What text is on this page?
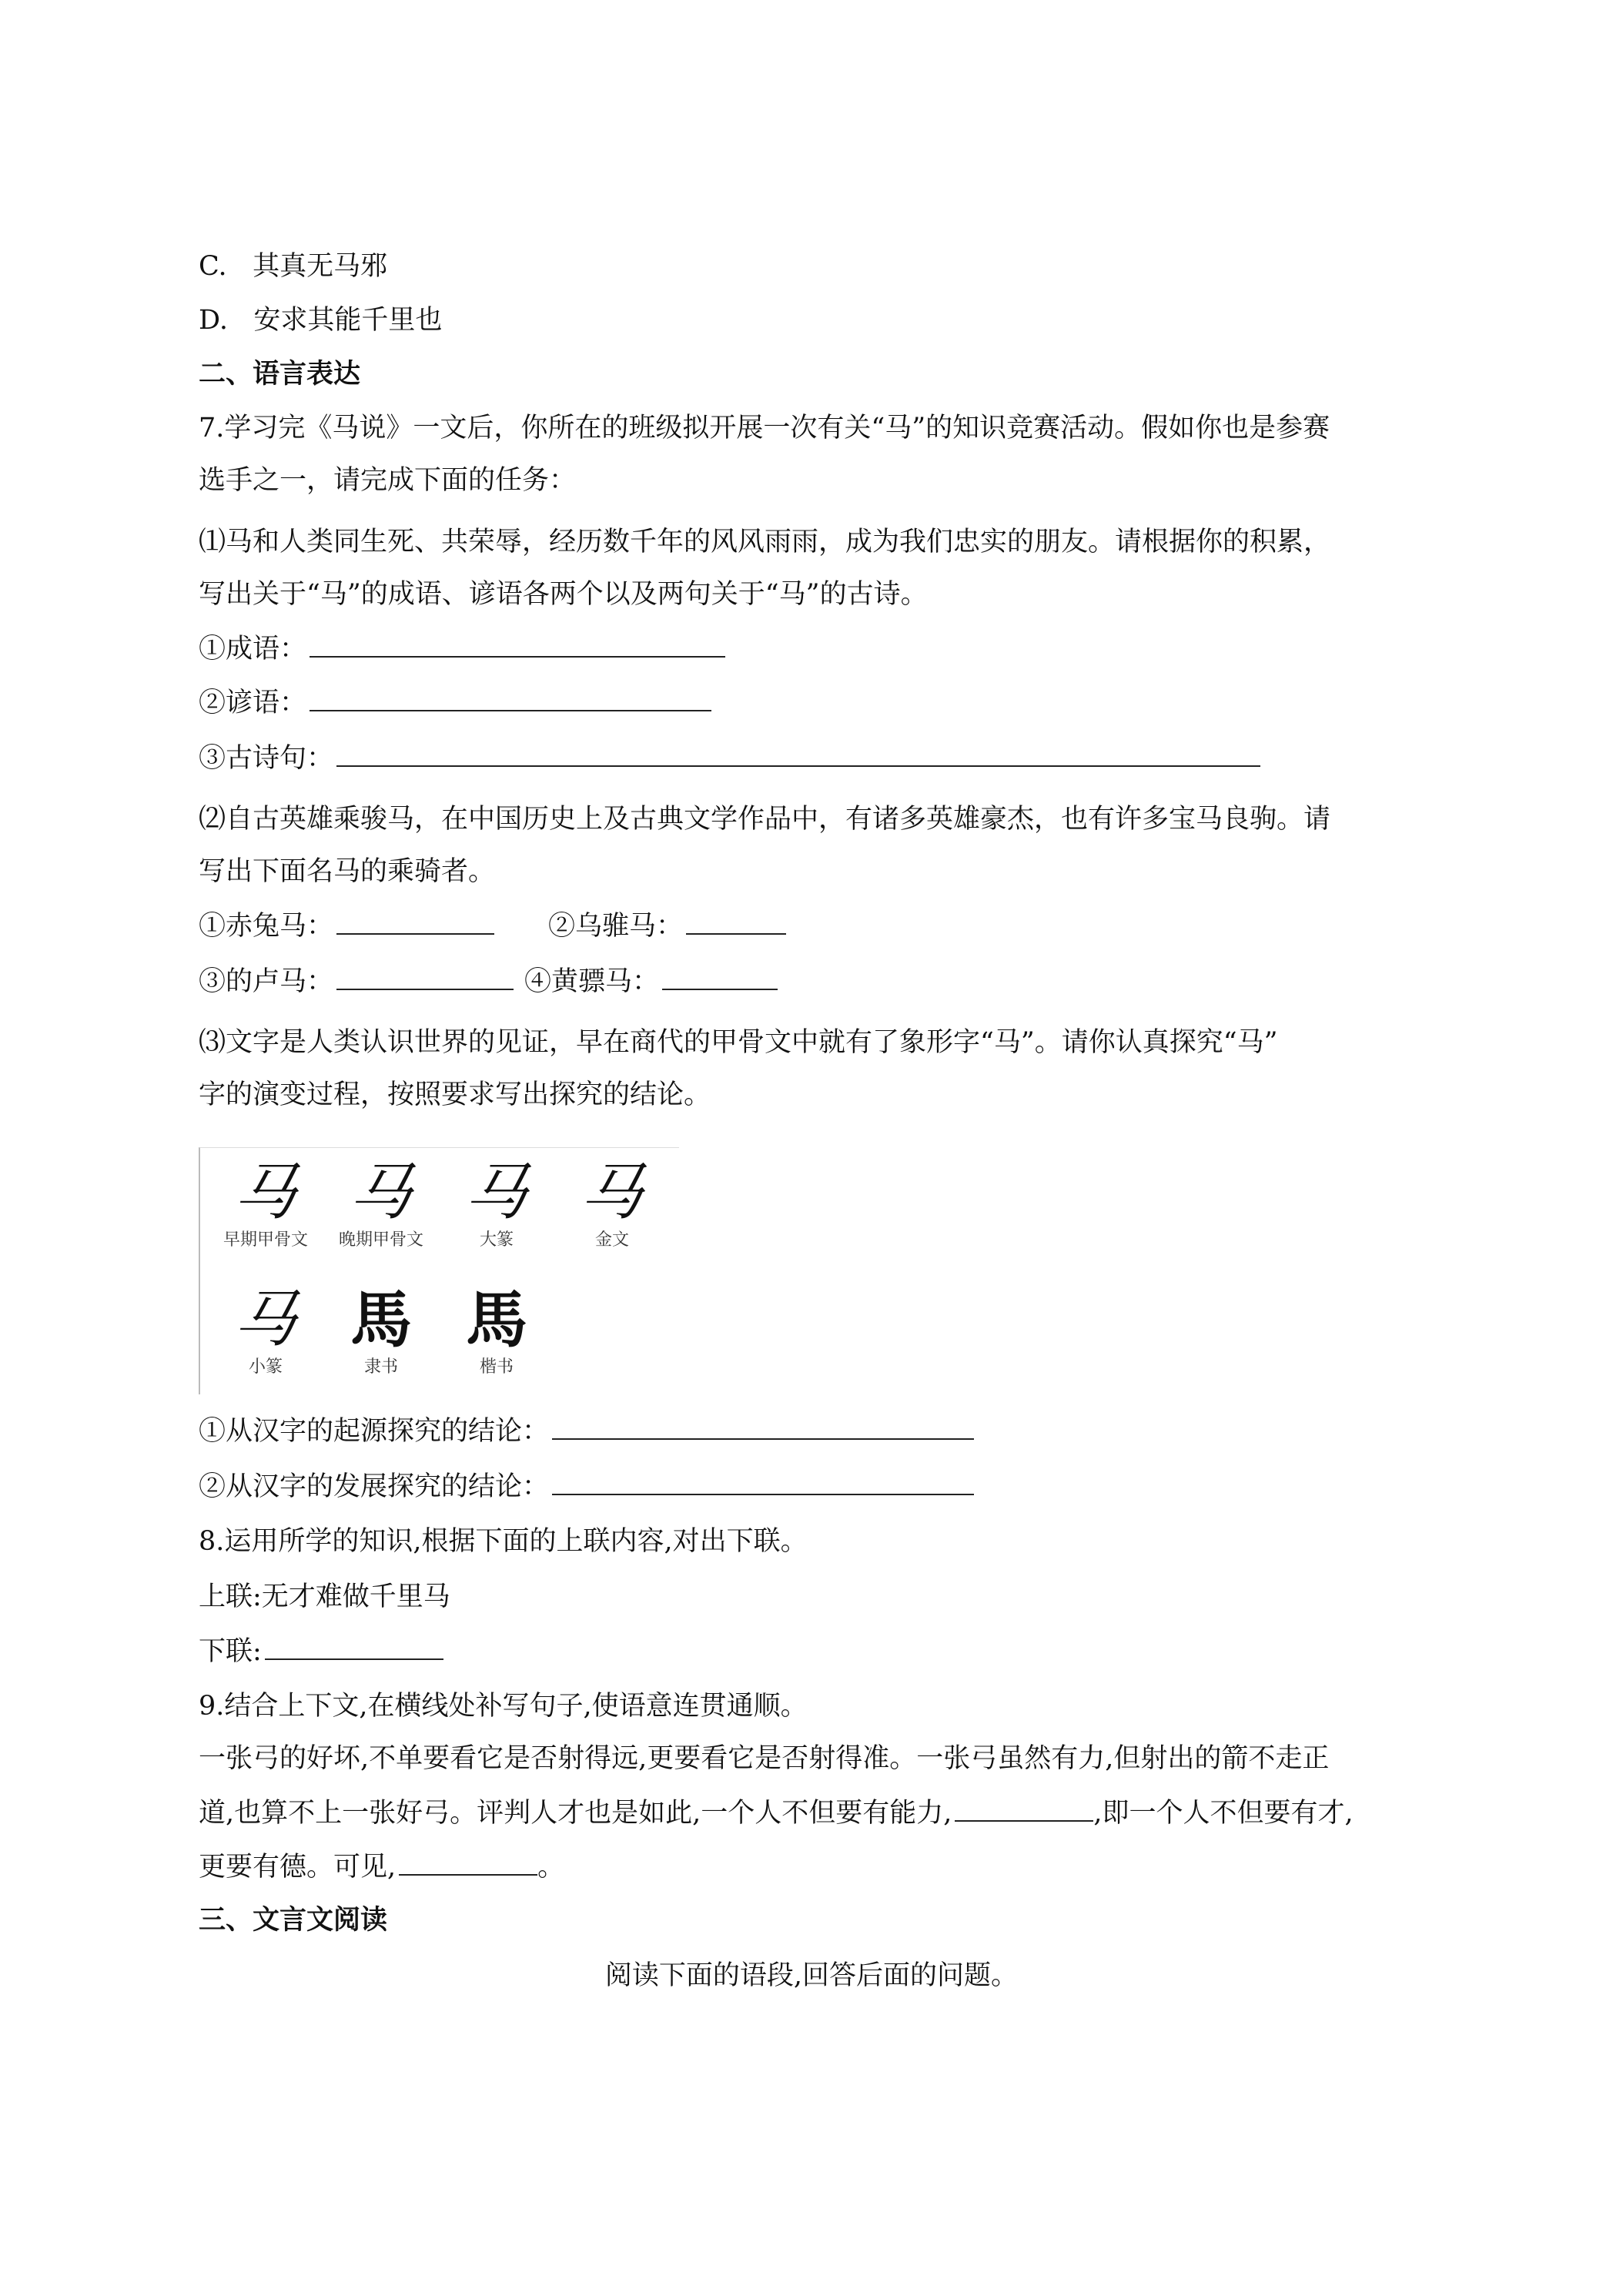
C. 其真无马邪
D. 安求其能千里也
二、语言表达
7.学习完《马说》一文后，你所在的班级拟开展一次有关“马”的知识竞赛活动。假如你也是参赛
选手之一，请完成下面的任务：
⑴马和人类同生死、共荣辱，经历数千年的风风雨雨，成为我们忠实的朋友。请根据你的积累，
写出关于“马”的成语、谚语各两个以及两句关于“马”的古诗。
①成语：
②谚语：
③古诗句：
⑵自古英雄乘骏马，在中国历史上及古典文学作品中，有诸多英雄豪杰，也有许多宝马良驹。请
写出下面名马的乘骑者。
①赤兔马：	②乌骓马：
③的卢马：	④黄骠马：
⑶文字是人类认识世界的见证，早在商代的甲骨文中就有了象形字“马”。请你认真探究“马”
字的演变过程，按照要求写出探究的结论。
马
早期甲骨文
马
晚期甲骨文
马
大篆
马
金文
马
小篆
馬
隶书
馬
楷书
①从汉字的起源探究的结论：
②从汉字的发展探究的结论：
8.运用所学的知识,根据下面的上联内容,对出下联。
上联:无才难做千里马
下联:
9.结合上下文,在横线处补写句子,使语意连贯通顺。
一张弓的好坏,不单要看它是否射得远,更要看它是否射得准。一张弓虽然有力,但射出的箭不走正
道,也算不上一张好弓。评判人才也是如此,一个人不但要有能力,	,即一个人不但要有才,
更要有德。可见,	。
三、文言文阅读
阅读下面的语段,回答后面的问题。
